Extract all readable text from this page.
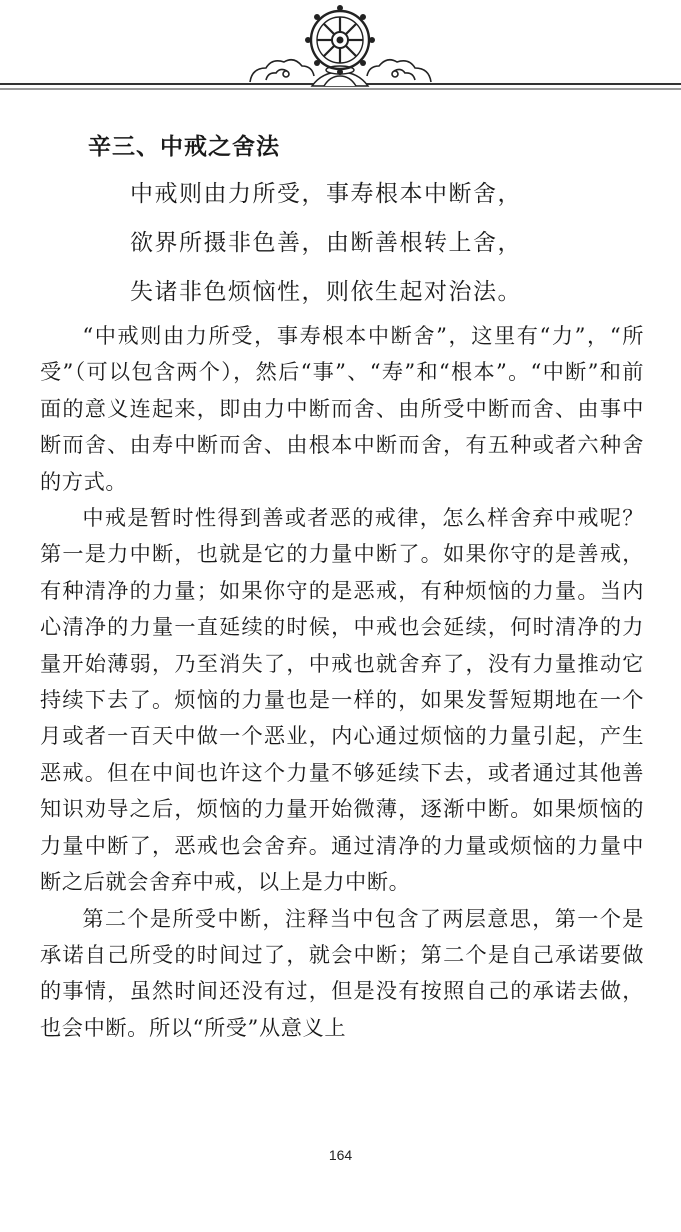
辛三、中戒之舍法
中戒则由力所受，事寿根本中断舍，
欲界所摄非色善，由断善根转上舍，
失诸非色烦恼性，则依生起对治法。

“中戒则由力所受，事寿根本中断舍”，这里有“力”，“所受”（可以包含两个），然后“事”、“寿”和“根本”。“中断”和前面的意义连起来，即由力中断而舍、由所受中断而舍、由事中断而舍、由寿中断而舍、由根本中断而舍，有五种或者六种舍的方式。

中戒是暂时性得到善或者恶的戒律，怎么样舍弃中戒呢？第一是力中断，也就是它的力量中断了。如果你守的是善戒，有种清净的力量；如果你守的是恶戒，有种烦恼的力量。当内心清净的力量一直延续的时候，中戒也会延续，何时清净的力量开始薄弱，乃至消失了，中戒也就舍弃了，没有力量推动它持续下去了。烦恼的力量也是一样的，如果发誓短期地在一个月或者一百天中做一个恶业，内心通过烦恼的力量引起，产生恶戒。但在中间也许这个力量不够延续下去，或者通过其他善知识劝导之后，烦恼的力量开始微薄，逐渐中断。如果烦恼的力量中断了，恶戒也会舍弃。通过清净的力量或烦恼的力量中断之后就会舍弃中戒，以上是力中断。

第二个是所受中断，注释当中包含了两层意思，第一个是承诺自己所受的时间过了，就会中断；第二个是自己承诺要做的事情，虽然时间还没有过，但是没有按照自己的承诺去做，也会中断。所以“所受”从意义上

164
